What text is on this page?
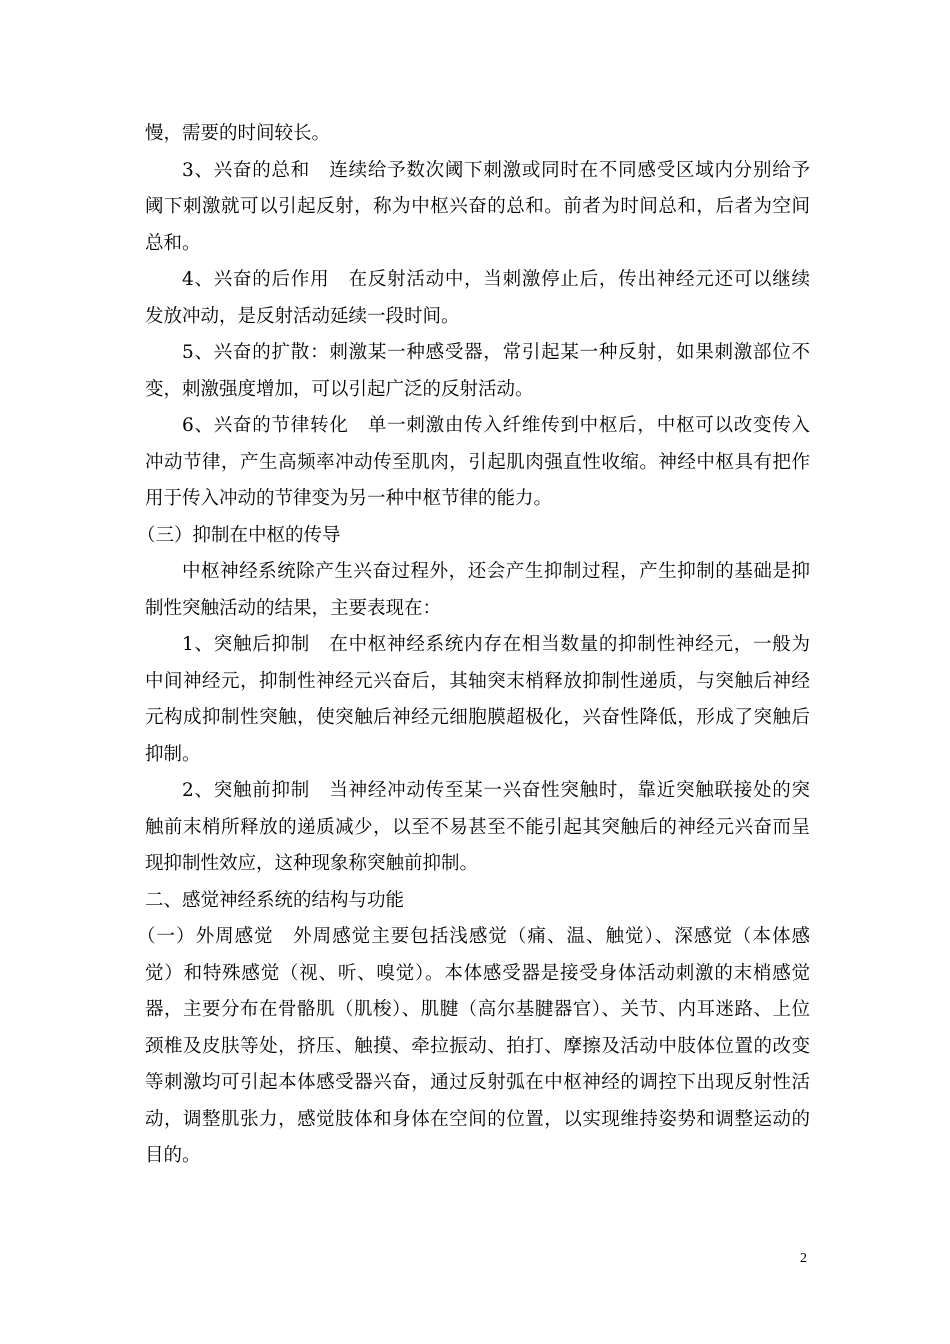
慢，需要的时间较长。
3、兴奋的总和　连续给予数次阈下刺激或同时在不同感受区域内分别给予
阈下刺激就可以引起反射，称为中枢兴奋的总和。前者为时间总和，后者为空间
总和。
4、兴奋的后作用　在反射活动中，当刺激停止后，传出神经元还可以继续
发放冲动，是反射活动延续一段时间。
5、兴奋的扩散：刺激某一种感受器，常引起某一种反射，如果刺激部位不
变，刺激强度增加，可以引起广泛的反射活动。
6、兴奋的节律转化　单一刺激由传入纤维传到中枢后，中枢可以改变传入
冲动节律，产生高频率冲动传至肌肉，引起肌肉强直性收缩。神经中枢具有把作
用于传入冲动的节律变为另一种中枢节律的能力。
（三）抑制在中枢的传导
中枢神经系统除产生兴奋过程外，还会产生抑制过程，产生抑制的基础是抑
制性突触活动的结果，主要表现在：
1、突触后抑制　在中枢神经系统内存在相当数量的抑制性神经元，一般为
中间神经元，抑制性神经元兴奋后，其轴突末梢释放抑制性递质，与突触后神经
元构成抑制性突触，使突触后神经元细胞膜超极化，兴奋性降低，形成了突触后
抑制。
2、突触前抑制　当神经冲动传至某一兴奋性突触时，靠近突触联接处的突
触前末梢所释放的递质减少，以至不易甚至不能引起其突触后的神经元兴奋而呈
现抑制性效应，这种现象称突触前抑制。
二、感觉神经系统的结构与功能
（一）外周感觉　外周感觉主要包括浅感觉（痛、温、触觉）、深感觉（本体感
觉）和特殊感觉（视、听、嗅觉）。本体感受器是接受身体活动刺激的末梢感觉
器，主要分布在骨骼肌（肌梭）、肌腱（高尔基腱器官）、关节、内耳迷路、上位
颈椎及皮肤等处，挤压、触摸、牵拉振动、拍打、摩擦及活动中肢体位置的改变
等刺激均可引起本体感受器兴奋，通过反射弧在中枢神经的调控下出现反射性活
动，调整肌张力，感觉肢体和身体在空间的位置，以实现维持姿势和调整运动的
目的。
2
